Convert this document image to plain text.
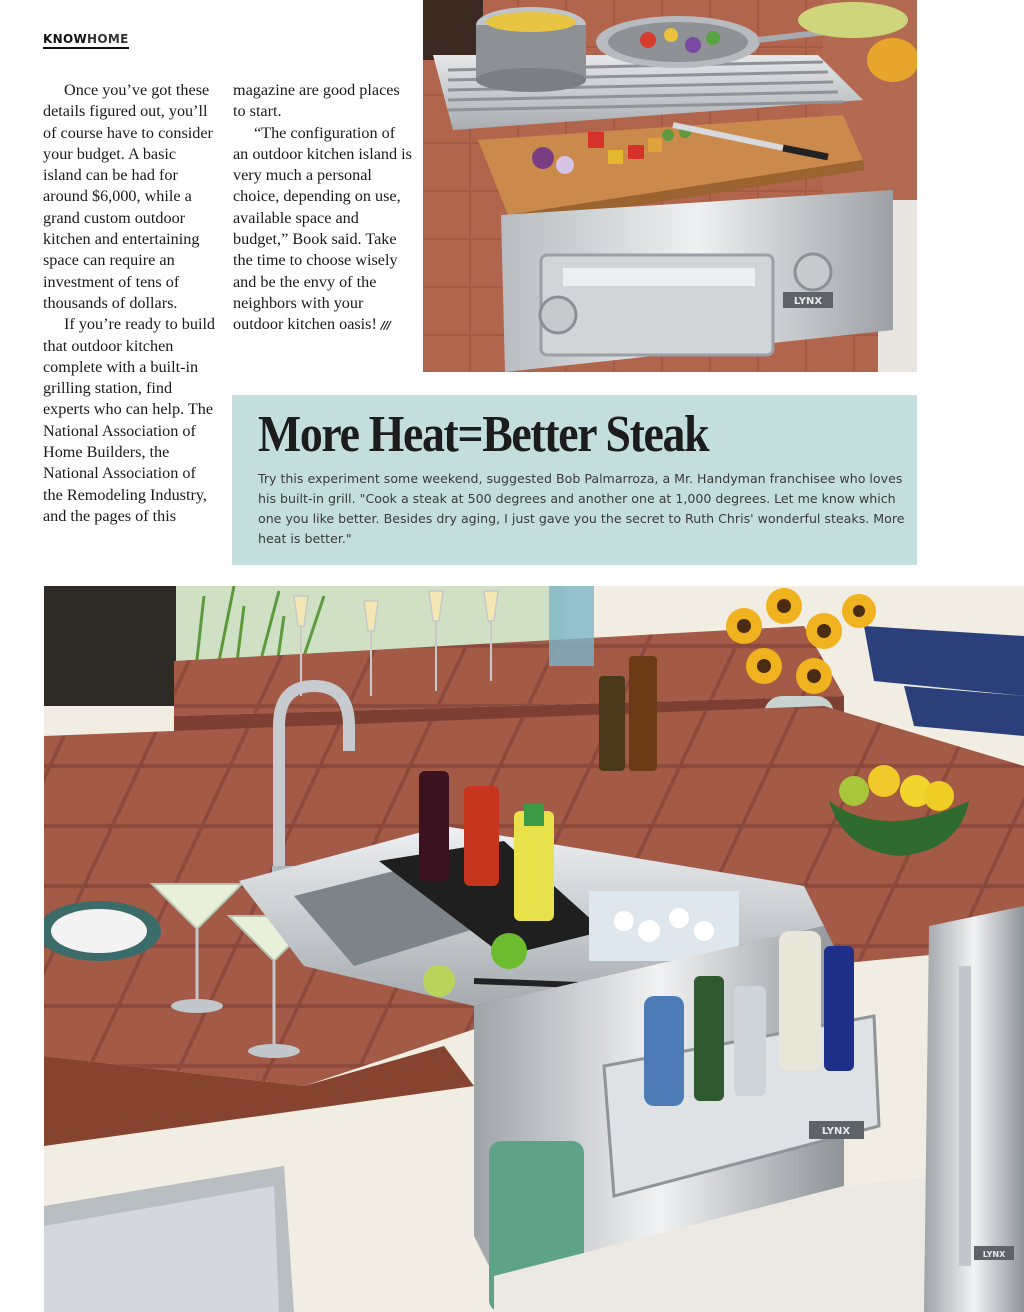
KNOWHOME

Once you’ve got these details figured out, you’ll of course have to consider your budget. A basic island can be had for around $6,000, while a grand custom outdoor kitchen and entertaining space can require an investment of tens of thousands of dollars.

If you’re ready to build that outdoor kitchen complete with a built-in grilling station, find experts who can help. The National Association of Home Builders, the National Association of the Remodeling Industry, and the pages of this

magazine are good places to start.

“The configuration of an outdoor kitchen island is very much a personal choice, depending on use, available space and budget,” Book said. Take the time to choose wisely and be the envy of the neighbors with your outdoor kitchen oasis! ///

LYNX
More Heat=Better Steak

Try this experiment some weekend, suggested Bob Palmarroza, a Mr. Handyman franchisee who loves his built-in grill. "Cook a steak at 500 degrees and another one at 1,000 degrees. Let me know which one you like better. Besides dry aging, I just gave you the secret to Ruth Chris' wonderful steaks. More heat is better."

LYNX
LYNX
